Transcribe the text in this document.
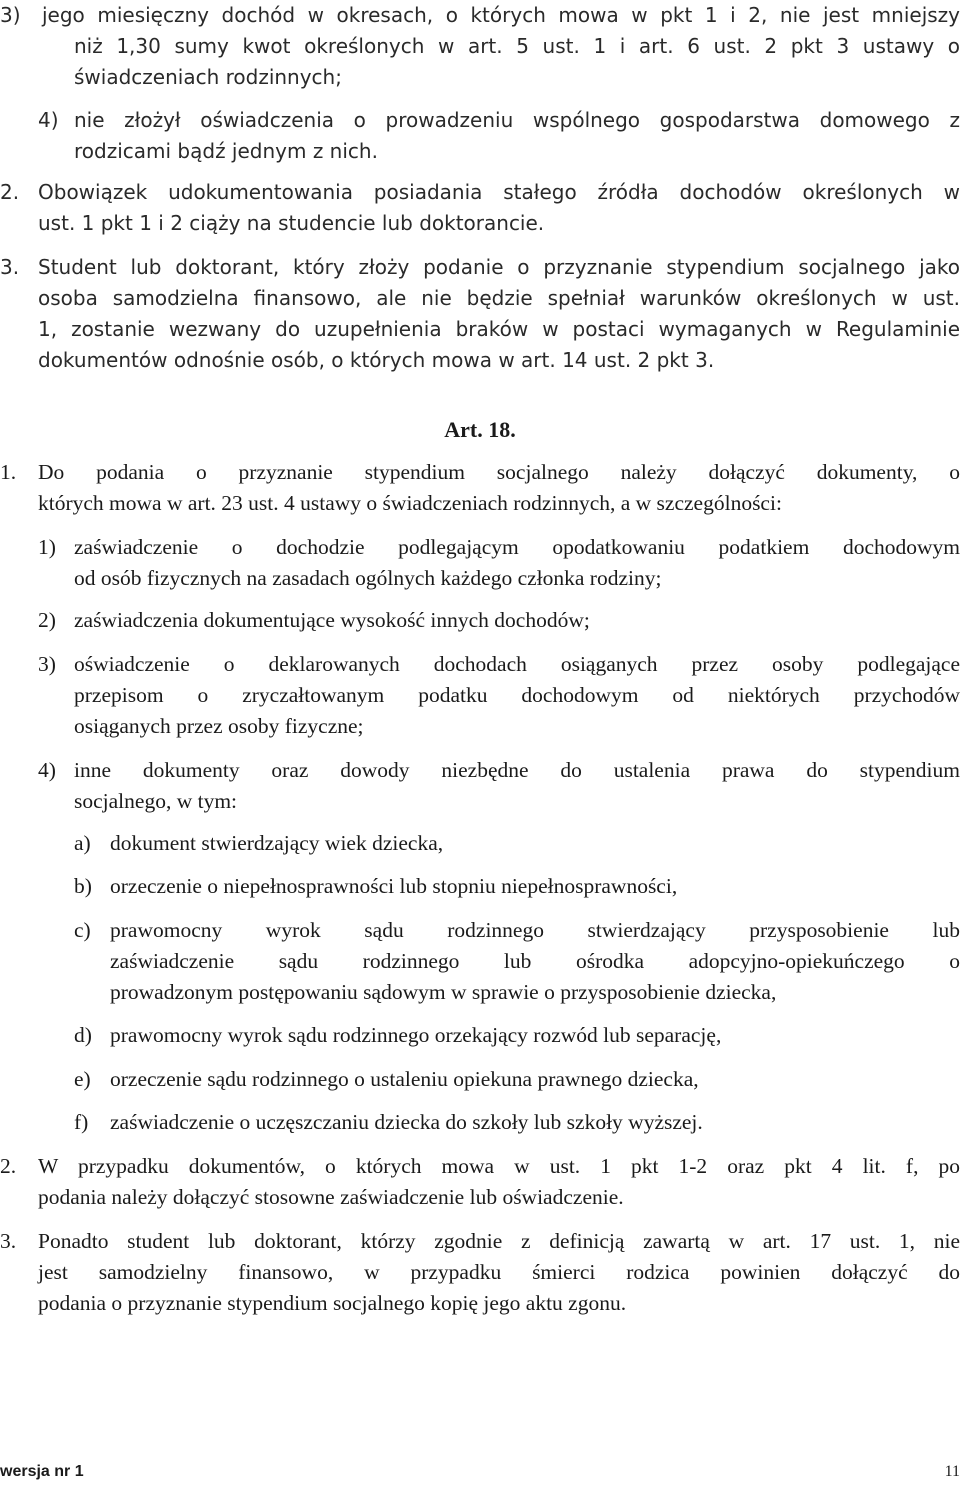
3) jego miesięczny dochód w okresach, o których mowa w pkt 1 i 2, nie jest mniejszy
niż 1,30 sumy kwot określonych w art. 5 ust. 1 i art. 6 ust. 2 pkt 3 ustawy o
świadczeniach rodzinnych;
4) nie złożył oświadczenia o prowadzeniu wspólnego gospodarstwa domowego z
rodzicami bądź jednym z nich.
2. Obowiązek udokumentowania posiadania stałego źródła dochodów określonych w
ust. 1 pkt 1 i 2 ciąży na studencie lub doktorancie.
3. Student lub doktorant, który złoży podanie o przyznanie stypendium socjalnego jako
osoba samodzielna finansowo, ale nie będzie spełniał warunków określonych w ust.
1, zostanie wezwany do uzupełnienia braków w postaci wymaganych w Regulaminie
dokumentów odnośnie osób, o których mowa w art. 14 ust. 2 pkt 3.
Art. 18.
1. Do podania o przyznanie stypendium socjalnego należy dołączyć dokumenty, o
których mowa w art. 23 ust. 4 ustawy o świadczeniach rodzinnych, a w szczególności:
1) zaświadczenie o dochodzie podlegającym opodatkowaniu podatkiem dochodowym
od osób fizycznych na zasadach ogólnych każdego członka rodziny;
2) zaświadczenia dokumentujące wysokość innych dochodów;
3) oświadczenie o deklarowanych dochodach osiąganych przez osoby podlegające
przepisom o zryczałtowanym podatku dochodowym od niektórych przychodów
osiąganych przez osoby fizyczne;
4) inne dokumenty oraz dowody niezbędne do ustalenia prawa do stypendium
socjalnego, w tym:
a) dokument stwierdzający wiek dziecka,
b) orzeczenie o niepełnosprawności lub stopniu niepełnosprawności,
c) prawomocny wyrok sądu rodzinnego stwierdzający przysposobienie lub
zaświadczenie sądu rodzinnego lub ośrodka adopcyjno-opiekuńczego o
prowadzonym postępowaniu sądowym w sprawie o przysposobienie dziecka,
d) prawomocny wyrok sądu rodzinnego orzekający rozwód lub separację,
e) orzeczenie sądu rodzinnego o ustaleniu opiekuna prawnego dziecka,
f) zaświadczenie o uczęszczaniu dziecka do szkoły lub szkoły wyższej.
2. W przypadku dokumentów, o których mowa w ust. 1 pkt 1-2 oraz pkt 4 lit. f, po
podania należy dołączyć stosowne zaświadczenie lub oświadczenie.
3. Ponadto student lub doktorant, którzy zgodnie z definicją zawartą w art. 17 ust. 1, nie
jest samodzielny finansowo, w przypadku śmierci rodzica powinien dołączyć do
podania o przyznanie stypendium socjalnego kopię jego aktu zgonu.
wersja nr 1	11
